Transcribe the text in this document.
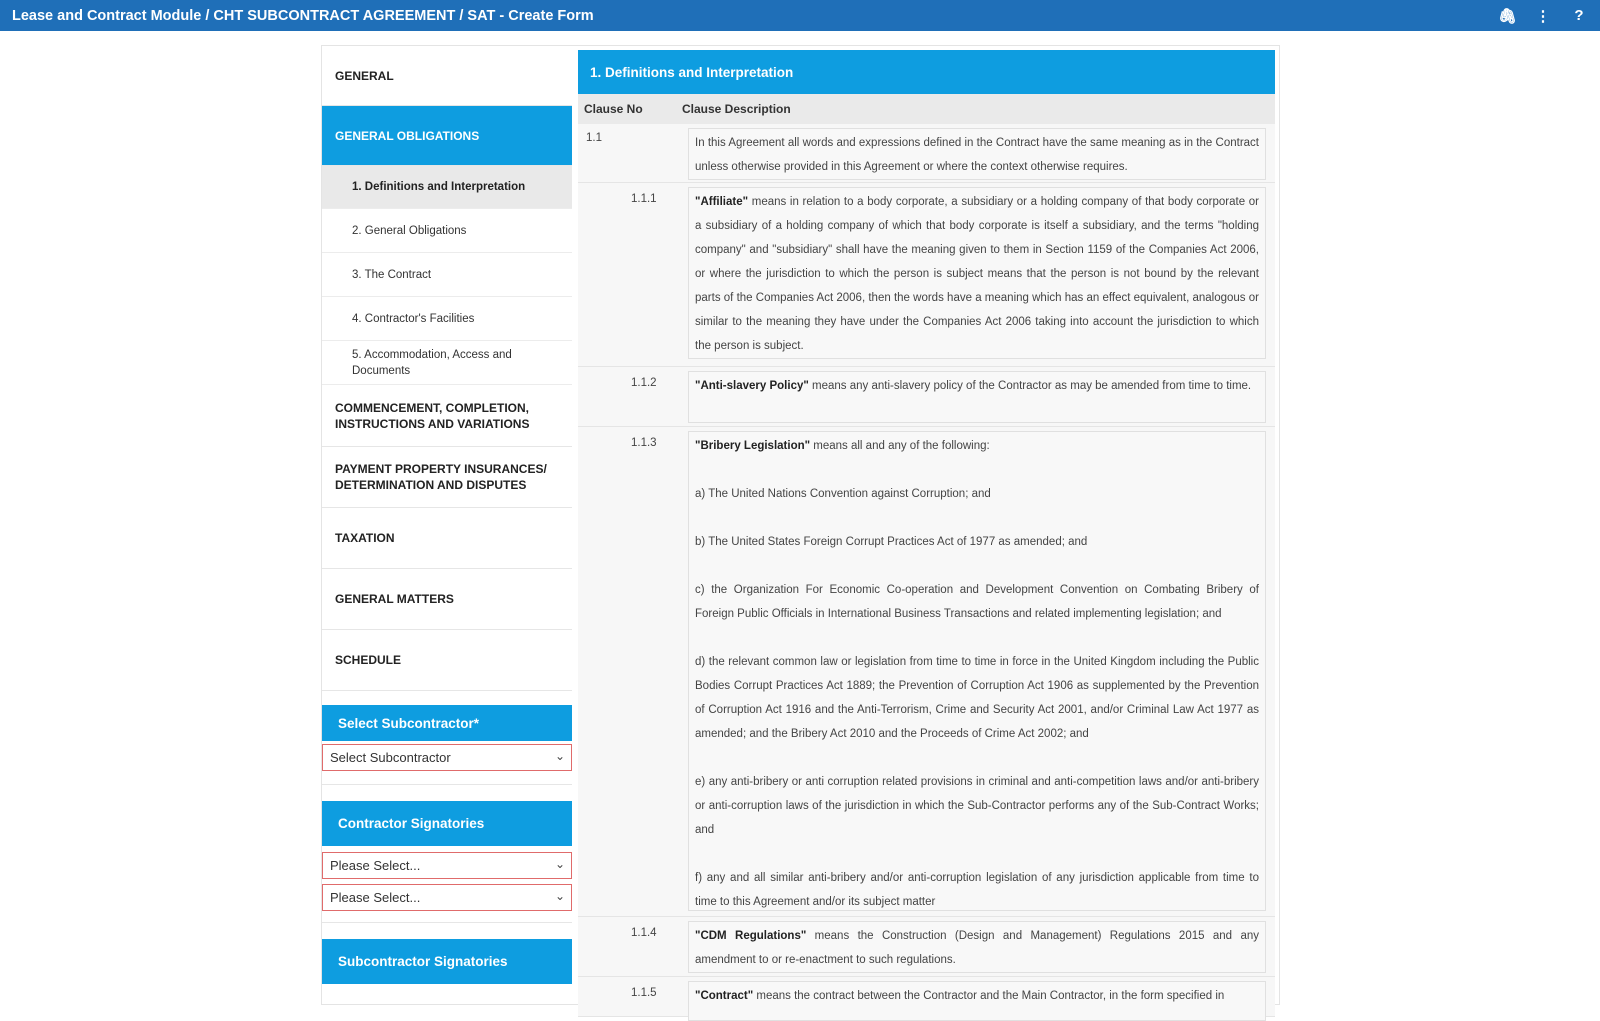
Lease and Contract Module / CHT SUBCONTRACT AGREEMENT / SAT - Create Form	🖇 ⋮ ?
GENERAL
GENERAL OBLIGATIONS
1. Definitions and Interpretation
2. General Obligations
3. The Contract
4. Contractor's Facilities
5. Accommodation, Access and Documents
COMMENCEMENT, COMPLETION, INSTRUCTIONS AND VARIATIONS
PAYMENT PROPERTY INSURANCES/ DETERMINATION AND DISPUTES
TAXATION
GENERAL MATTERS
SCHEDULE
Select Subcontractor*
Select Subcontractor	⌄
Contractor Signatories
Please Select...	⌄
Please Select...	⌄
Subcontractor Signatories
1. Definitions and Interpretation
Clause No	Clause Description
1.1	In this Agreement all words and expressions defined in the Contract have the same meaning as in the Contract unless otherwise provided in this Agreement or where the context otherwise requires.
1.1.1	"Affiliate" means in relation to a body corporate, a subsidiary or a holding company of that body corporate or a subsidiary of a holding company of which that body corporate is itself a subsidiary, and the terms "holding company" and "subsidiary" shall have the meaning given to them in Section 1159 of the Companies Act 2006, or where the jurisdiction to which the person is subject means that the person is not bound by the relevant parts of the Companies Act 2006, then the words have a meaning which has an effect equivalent, analogous or similar to the meaning they have under the Companies Act 2006 taking into account the jurisdiction to which the person is subject.
1.1.2	"Anti-slavery Policy" means any anti-slavery policy of the Contractor as may be amended from time to time.
1.1.3	"Bribery Legislation" means all and any of the following:
a) The United Nations Convention against Corruption; and
b) The United States Foreign Corrupt Practices Act of 1977 as amended; and
c) the Organization For Economic Co-operation and Development Convention on Combating Bribery of Foreign Public Officials in International Business Transactions and related implementing legislation; and
d) the relevant common law or legislation from time to time in force in the United Kingdom including the Public Bodies Corrupt Practices Act 1889; the Prevention of Corruption Act 1906 as supplemented by the Prevention of Corruption Act 1916 and the Anti-Terrorism, Crime and Security Act 2001, and/or Criminal Law Act 1977 as amended; and the Bribery Act 2010 and the Proceeds of Crime Act 2002; and
e) any anti-bribery or anti corruption related provisions in criminal and anti-competition laws and/or anti-bribery or anti-corruption laws of the jurisdiction in which the Sub-Contractor performs any of the Sub-Contract Works; and
f) any and all similar anti-bribery and/or anti-corruption legislation of any jurisdiction applicable from time to time to this Agreement and/or its subject matter
1.1.4	"CDM Regulations" means the Construction (Design and Management) Regulations 2015 and any amendment to or re-enactment to such regulations.
1.1.5	"Contract" means the contract between the Contractor and the Main Contractor, in the form specified in
